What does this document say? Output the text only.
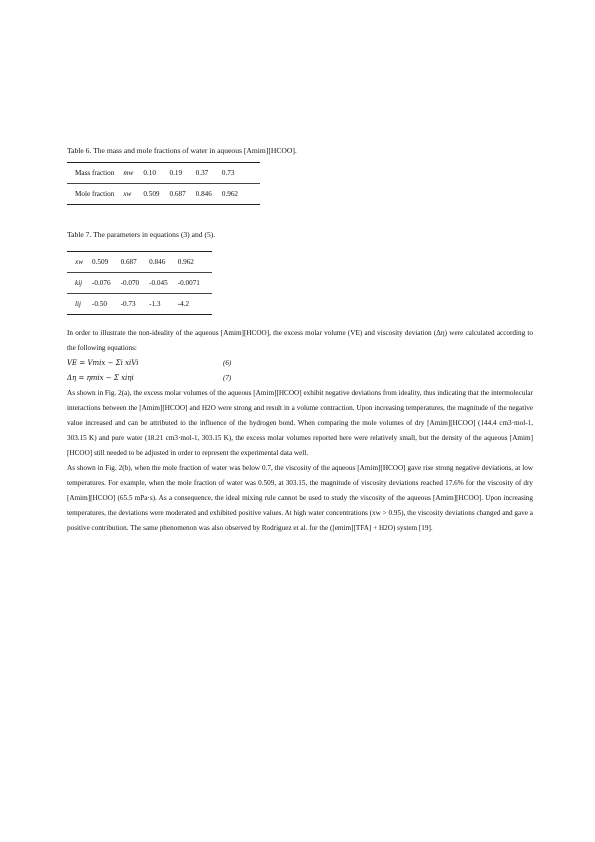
Table 6. The mass and mole fractions of water in aqueous [Amim][HCOO].
Mass fraction	mw	0.10	0.19	0.37	0.73
Mole fraction	xw	0.509	0.687	0.846	0.962
Table 7. The parameters in equations (3) and (5).
xw	0.509	0.687	0.846	0.962
kij	-0.076	-0.070	-0.045	-0.0071
lij	-0.50	-0.73	-1.3	-4.2

In order to illustrate the non-ideality of the aqueous [Amim][HCOO], the excess molar volume (VE) and viscosity deviation (Δη) were calculated according to the following equations:

VE = Vmix − Σi xiVi	(6)
Δη = ηmix − Σ xiηi	(7)

As shown in Fig. 2(a), the excess molar volumes of the aqueous [Amim][HCOO] exhibit negative deviations from ideality, thus indicating that the intermolecular interactions between the [Amim][HCOO] and H2O were strong and result in a volume contraction. Upon increasing temperatures, the magnitude of the negative value increased and can be attributed to the influence of the hydrogen bond. When comparing the mole volumes of dry [Amim][HCOO] (144.4 cm3·mol-1, 303.15 K) and pure water (18.21 cm3·mol-1, 303.15 K), the excess molar volumes reported here were relatively small, but the density of the aqueous [Amim][HCOO] still needed to be adjusted in order to represent the experimental data well.

As shown in Fig. 2(b), when the mole fraction of water was below 0.7, the viscosity of the aqueous [Amim][HCOO] gave rise strong negative deviations, at low temperatures. For example, when the mole fraction of water was 0.509, at 303.15, the magnitude of viscosity deviations reached 17.6% for the viscosity of dry [Amim][HCOO] (65.5 mPa·s). As a consequence, the ideal mixing rule cannot be used to study the viscosity of the aqueous [Amim][HCOO]. Upon increasing temperatures, the deviations were moderated and exhibited positive values. At high water concentrations (xw > 0.95), the viscosity deviations changed and gave a positive contribution. The same phenomenon was also observed by Rodriguez et al. for the ([emim][TFA] + H2O) system [19].
